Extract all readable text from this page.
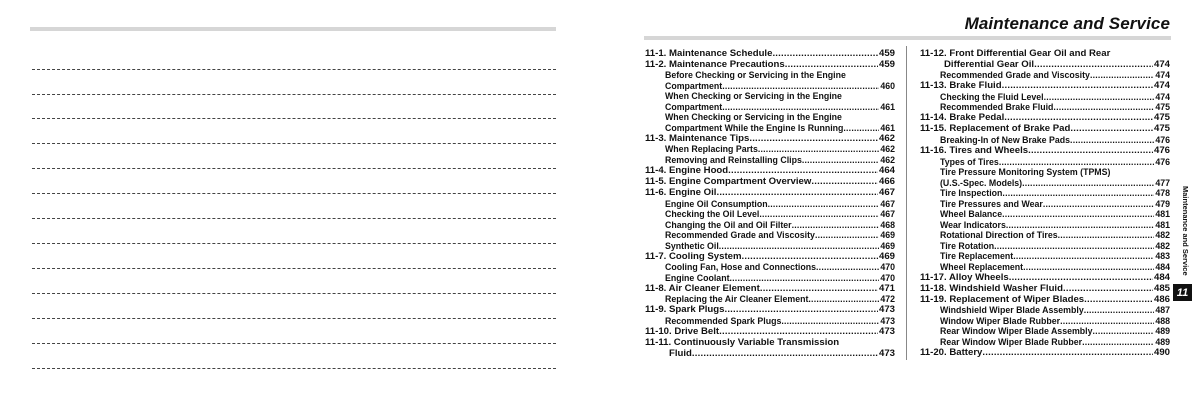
Maintenance and Service
11-1. Maintenance Schedule .....	459
11-2. Maintenance Precautions .....	459
Before Checking or Servicing in the Engine
Compartment .....	460
When Checking or Servicing in the Engine
Compartment .....	461
When Checking or Servicing in the Engine
Compartment While the Engine Is Running .....	461
11-3. Maintenance Tips .....	462
When Replacing Parts .....	462
Removing and Reinstalling Clips .....	462
11-4. Engine Hood .....	464
11-5. Engine Compartment Overview .....	466
11-6. Engine Oil .....	467
Engine Oil Consumption .....	467
Checking the Oil Level .....	467
Changing the Oil and Oil Filter .....	468
Recommended Grade and Viscosity .....	469
Synthetic Oil .....	469
11-7. Cooling System .....	469
Cooling Fan, Hose and Connections .....	470
Engine Coolant .....	470
11-8. Air Cleaner Element .....	471
Replacing the Air Cleaner Element .....	472
11-9. Spark Plugs .....	473
Recommended Spark Plugs .....	473
11-10. Drive Belt .....	473
11-11. Continuously Variable Transmission
Fluid .....	473
11-12. Front Differential Gear Oil and Rear
Differential Gear Oil .....	474
Recommended Grade and Viscosity .....	474
11-13. Brake Fluid .....	474
Checking the Fluid Level .....	474
Recommended Brake Fluid .....	475
11-14. Brake Pedal .....	475
11-15. Replacement of Brake Pad .....	475
Breaking-In of New Brake Pads .....	476
11-16. Tires and Wheels .....	476
Types of Tires .....	476
Tire Pressure Monitoring System (TPMS)
(U.S.-Spec. Models) .....	477
Tire Inspection .....	478
Tire Pressures and Wear .....	479
Wheel Balance .....	481
Wear Indicators .....	481
Rotational Direction of Tires .....	482
Tire Rotation .....	482
Tire Replacement .....	483
Wheel Replacement .....	484
11-17. Alloy Wheels .....	484
11-18. Windshield Washer Fluid .....	485
11-19. Replacement of Wiper Blades .....	486
Windshield Wiper Blade Assembly .....	487
Window Wiper Blade Rubber .....	488
Rear Window Wiper Blade Assembly .....	489
Rear Window Wiper Blade Rubber .....	489
11-20. Battery .....	490
Maintenance and Service
11
